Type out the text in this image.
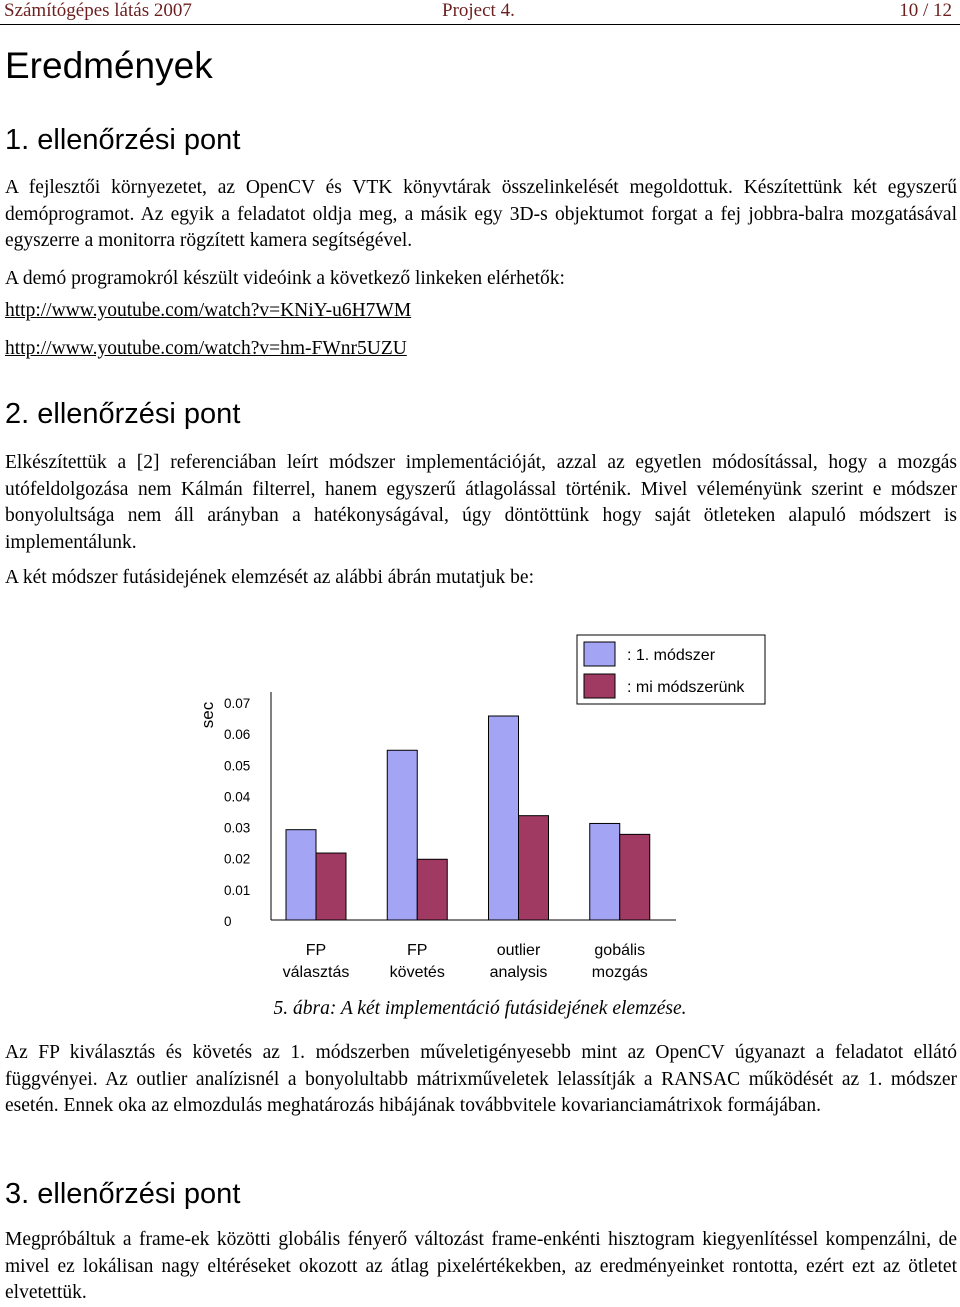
Számítógépes látás 2007	Project 4.	10 / 12
Eredmények
1. ellenőrzési pont

A fejlesztői környezetet, az OpenCV és VTK könyvtárak összelinkelését megoldottuk. Készítettünk két egyszerű demóprogramot. Az egyik a feladatot oldja meg, a másik egy 3D-s objektumot forgat a fej jobbra-balra mozgatásával egyszerre a monitorra rögzített kamera segítségével.

A demó programokról készült videóink a következő linkeken elérhetők:

http://www.youtube.com/watch?v=KNiY-u6H7WM
http://www.youtube.com/watch?v=hm-FWnr5UZU
2. ellenőrzési pont

Elkészítettük a [2] referenciában leírt módszer implementációját, azzal az egyetlen módosítással, hogy a mozgás utófeldolgozása nem Kálmán filterrel, hanem egyszerű átlagolással történik. Mivel véleményünk szerint e módszer bonyolultsága nem áll arányban a hatékonyságával, úgy döntöttünk hogy saját ötleteken alapuló módszert is implementálunk.

A két módszer futásidejének elemzését az alábbi ábrán mutatjuk be:

sec
0
0.01
0.02
0.03
0.04
0.05
0.06
0.07
FP
választás
FP
követés
outlier
analysis
gobális
mozgás
: 1. módszer
: mi módszerünk
5. ábra: A két implementáció futásidejének elemzése.

Az FP kiválasztás és követés az 1. módszerben műveletigényesebb mint az OpenCV úgyanazt a feladatot ellátó függvényei. Az outlier analízisnél a bonyolultabb mátrixműveletek lelassítják a RANSAC működését az 1. módszer esetén. Ennek oka az elmozdulás meghatározás hibájának továbbvitele kovarianciamátrixok formájában.

3. ellenőrzési pont

Megpróbáltuk a frame-ek közötti globális fényerő változást frame-enkénti hisztogram kiegyenlítéssel kompenzálni, de mivel ez lokálisan nagy eltéréseket okozott az átlag pixelértékekben, az eredményeinket rontotta, ezért ezt az ötletet elvetettük.
